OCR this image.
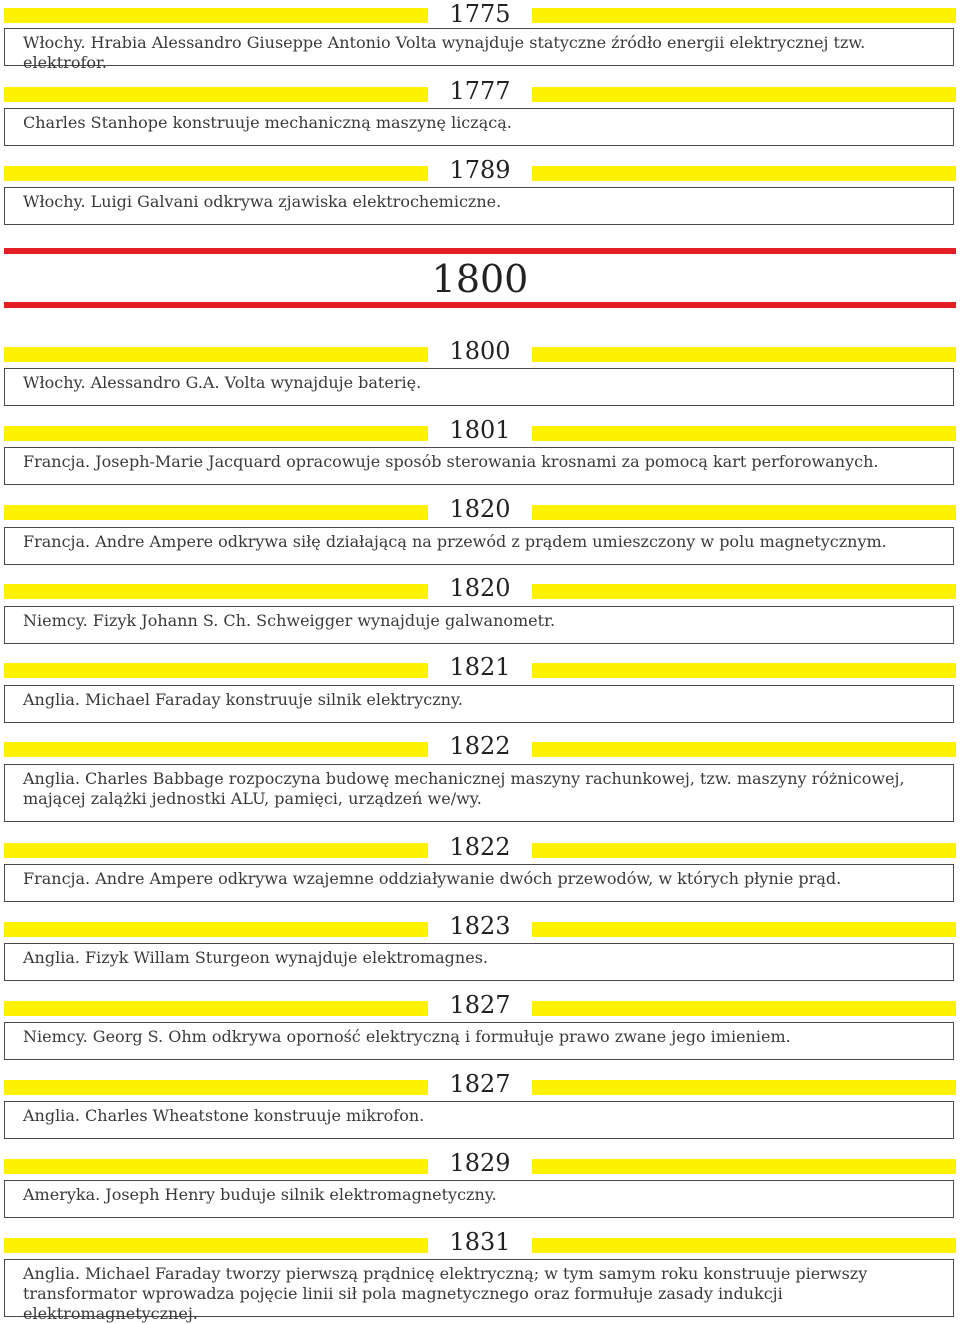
1775
Włochy. Hrabia Alessandro Giuseppe Antonio Volta wynajduje statyczne źródło energii elektrycznej tzw. elektrofor.
1777
Charles Stanhope konstruuje mechaniczną maszynę liczącą.
1789
Włochy. Luigi Galvani odkrywa zjawiska elektrochemiczne.
1800
1800
Włochy. Alessandro G.A. Volta wynajduje baterię.
1801
Francja. Joseph-Marie Jacquard opracowuje sposób sterowania krosnami za pomocą kart perforowanych.
1820
Francja. Andre Ampere odkrywa siłę działającą na przewód z prądem umieszczony w polu magnetycznym.
1820
Niemcy. Fizyk Johann S. Ch. Schweigger wynajduje galwanometr.
1821
Anglia. Michael Faraday konstruuje silnik elektryczny.
1822
Anglia. Charles Babbage rozpoczyna budowę mechanicznej maszyny rachunkowej, tzw. maszyny różnicowej, mającej zalążki jednostki ALU, pamięci, urządzeń we/wy.
1822
Francja. Andre Ampere odkrywa wzajemne oddziaływanie dwóch przewodów, w których płynie prąd.
1823
Anglia. Fizyk Willam Sturgeon wynajduje elektromagnes.
1827
Niemcy. Georg S. Ohm odkrywa oporność elektryczną i formułuje prawo zwane jego imieniem.
1827
Anglia. Charles Wheatstone konstruuje mikrofon.
1829
Ameryka. Joseph Henry buduje silnik elektromagnetyczny.
1831
Anglia. Michael Faraday tworzy pierwszą prądnicę elektryczną; w tym samym roku konstruuje pierwszy transformator wprowadza pojęcie linii sił pola magnetycznego oraz formułuje zasady indukcji elektromagnetycznej.
